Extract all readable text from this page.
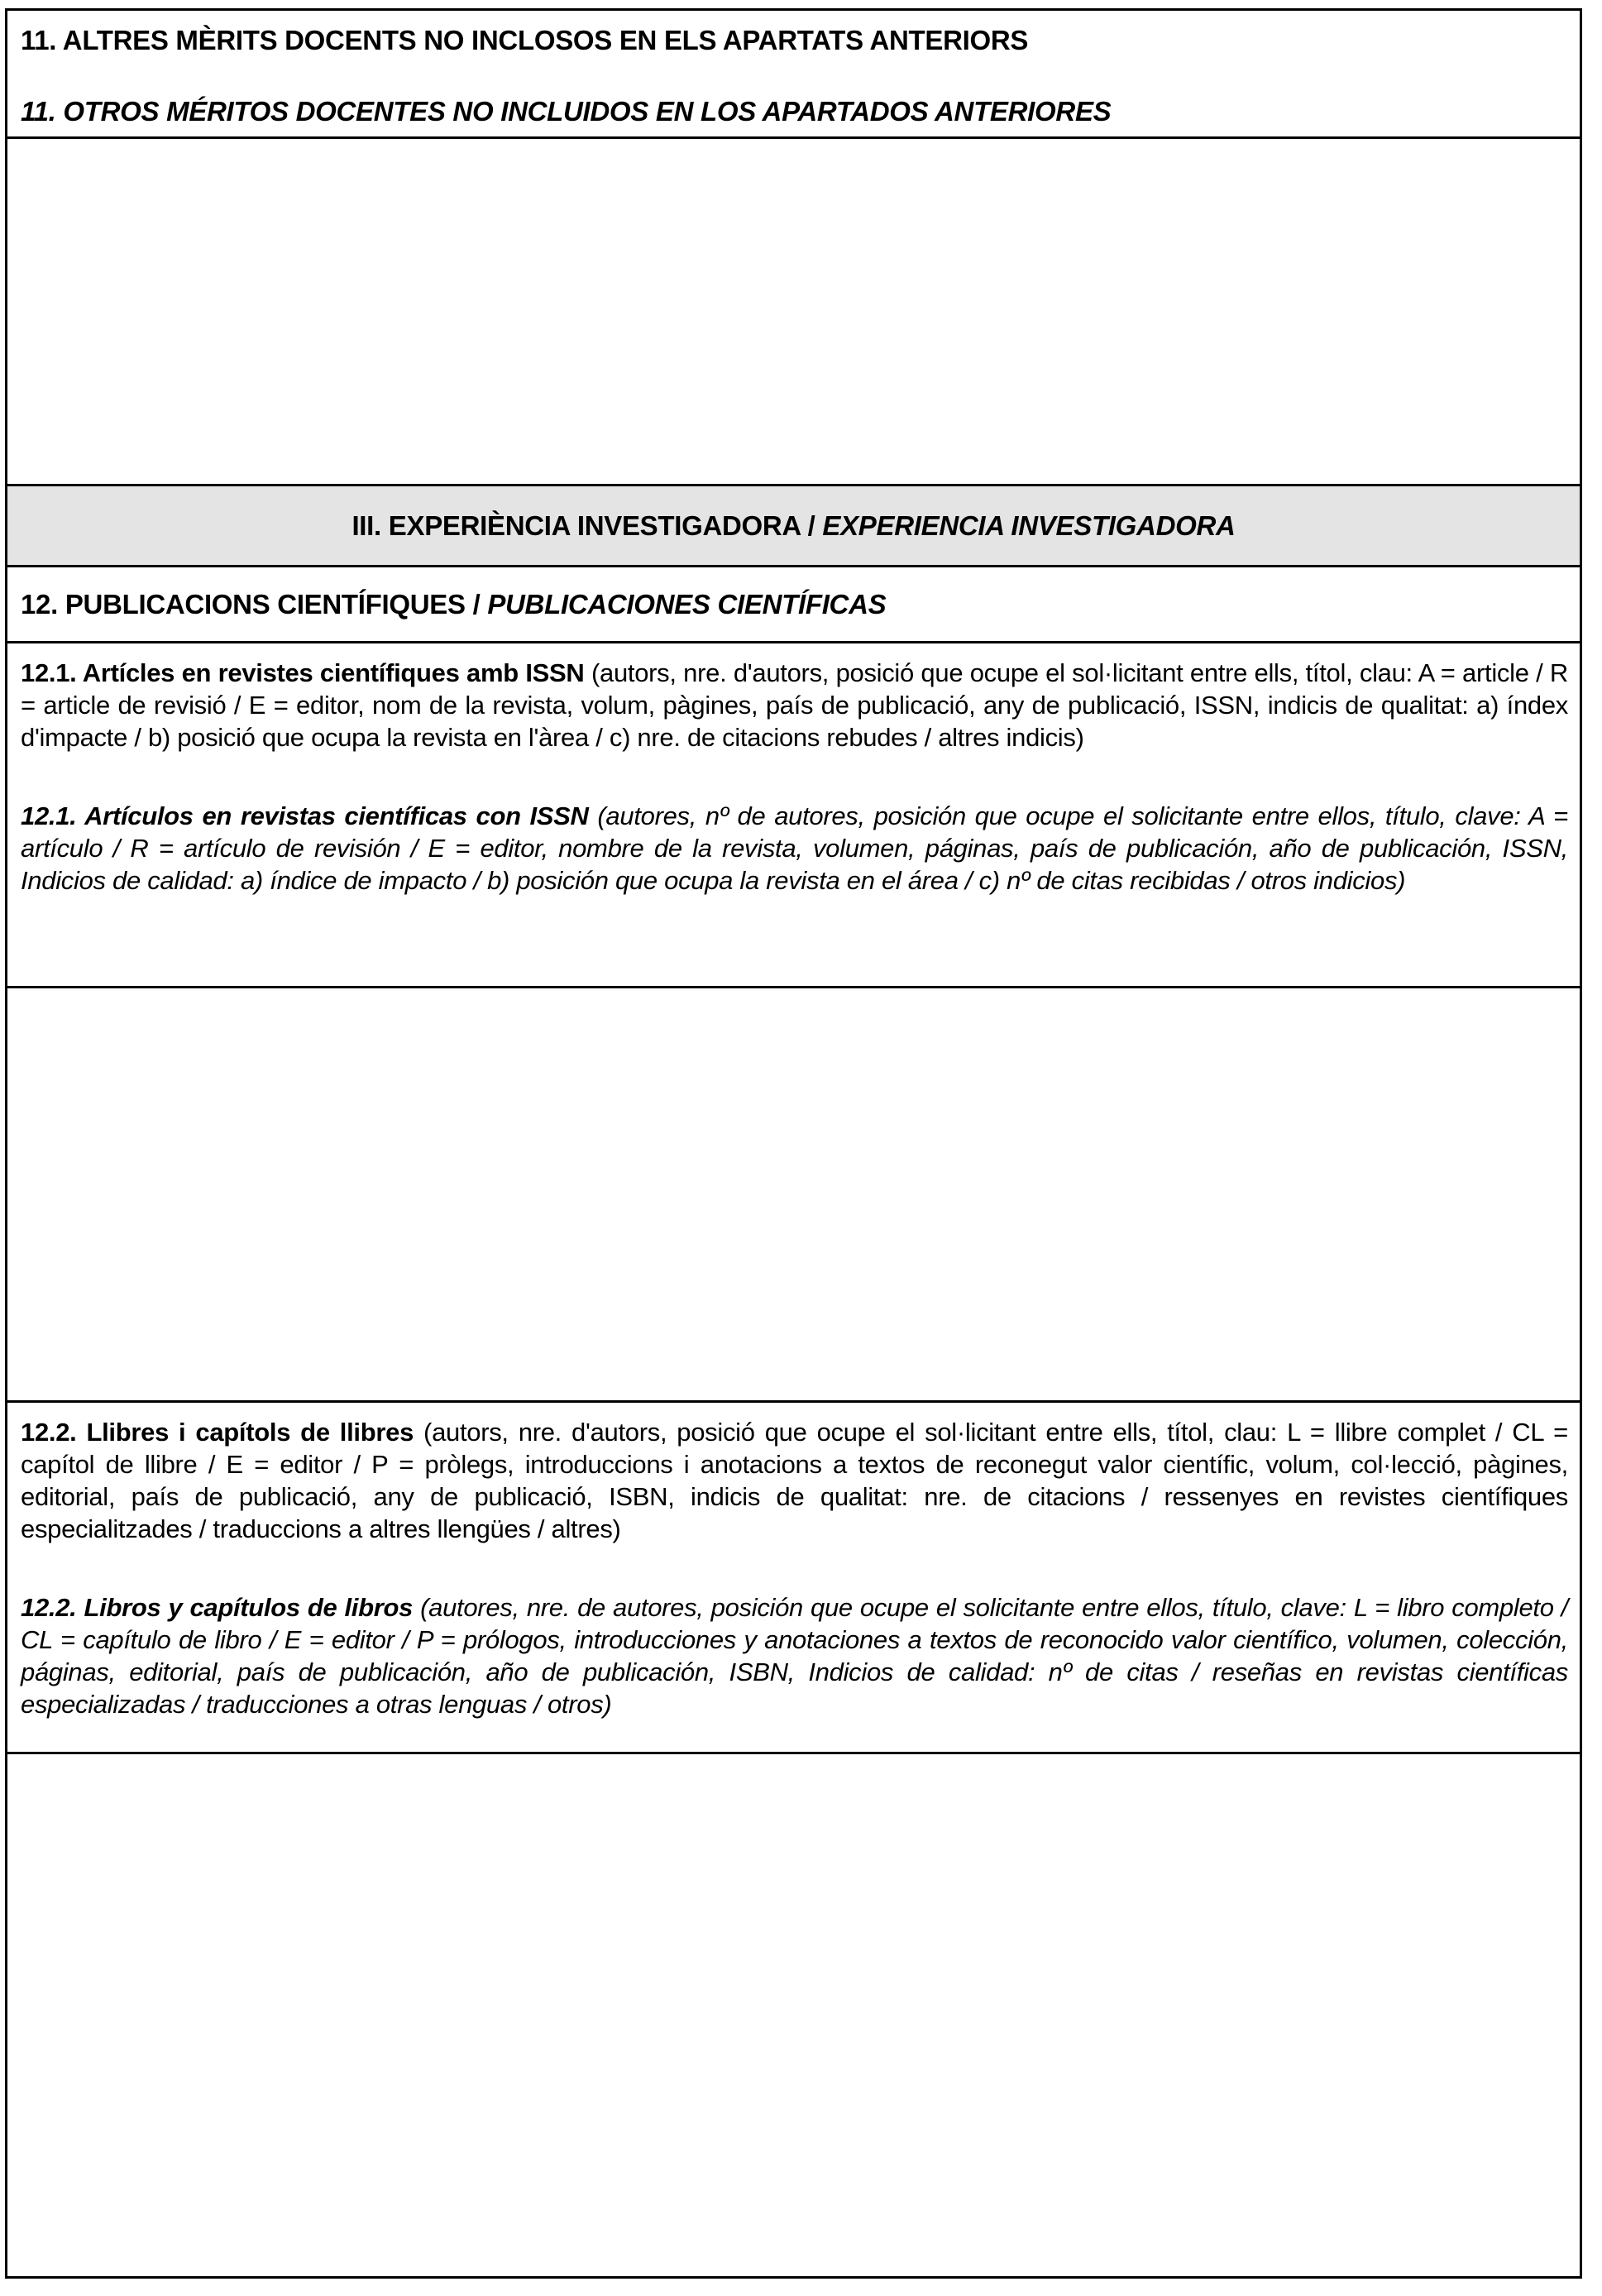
11. ALTRES MÈRITS DOCENTS NO INCLOSOS EN ELS APARTATS ANTERIORS
11. OTROS MÉRITOS DOCENTES NO INCLUIDOS EN LOS APARTADOS ANTERIORES
III. EXPERIÈNCIA INVESTIGADORA / EXPERIENCIA INVESTIGADORA
12. PUBLICACIONS CIENTÍFIQUES / PUBLICACIONES CIENTÍFICAS

12.1. Artícles en revistes científiques amb ISSN (autors, nre. d'autors, posició que ocupe el sol·licitant entre ells, títol, clau: A = article / R = article de revisió / E = editor, nom de la revista, volum, pàgines, país de publicació, any de publicació, ISSN, indicis de qualitat: a) índex d'impacte / b) posició que ocupa la revista en l'àrea / c) nre. de citacions rebudes / altres indicis)

12.1. Artículos en revistas científicas con ISSN (autores, nº de autores, posición que ocupe el solicitante entre ellos, título, clave: A = artículo / R = artículo de revisión / E = editor, nombre de la revista, volumen, páginas, país de publicación, año de publicación, ISSN, Indicios de calidad: a) índice de impacto / b) posición que ocupa la revista en el área / c) nº de citas recibidas / otros indicios)

12.2. Llibres i capítols de llibres (autors, nre. d'autors, posició que ocupe el sol·licitant entre ells, títol, clau: L = llibre complet / CL = capítol de llibre / E = editor / P = pròlegs, introduccions i anotacions a textos de reconegut valor científic, volum, col·lecció, pàgines, editorial, país de publicació, any de publicació, ISBN, indicis de qualitat: nre. de citacions / ressenyes en revistes científiques especialitzades / traduccions a altres llengües / altres)

12.2. Libros y capítulos de libros (autores, nre. de autores, posición que ocupe el solicitante entre ellos, título, clave: L = libro completo / CL = capítulo de libro / E = editor / P = prólogos, introducciones y anotaciones a textos de reconocido valor científico, volumen, colección, páginas, editorial, país de publicación, año de publicación, ISBN, Indicios de calidad: nº de citas / reseñas en revistas científicas especializadas / traducciones a otras lenguas / otros)
